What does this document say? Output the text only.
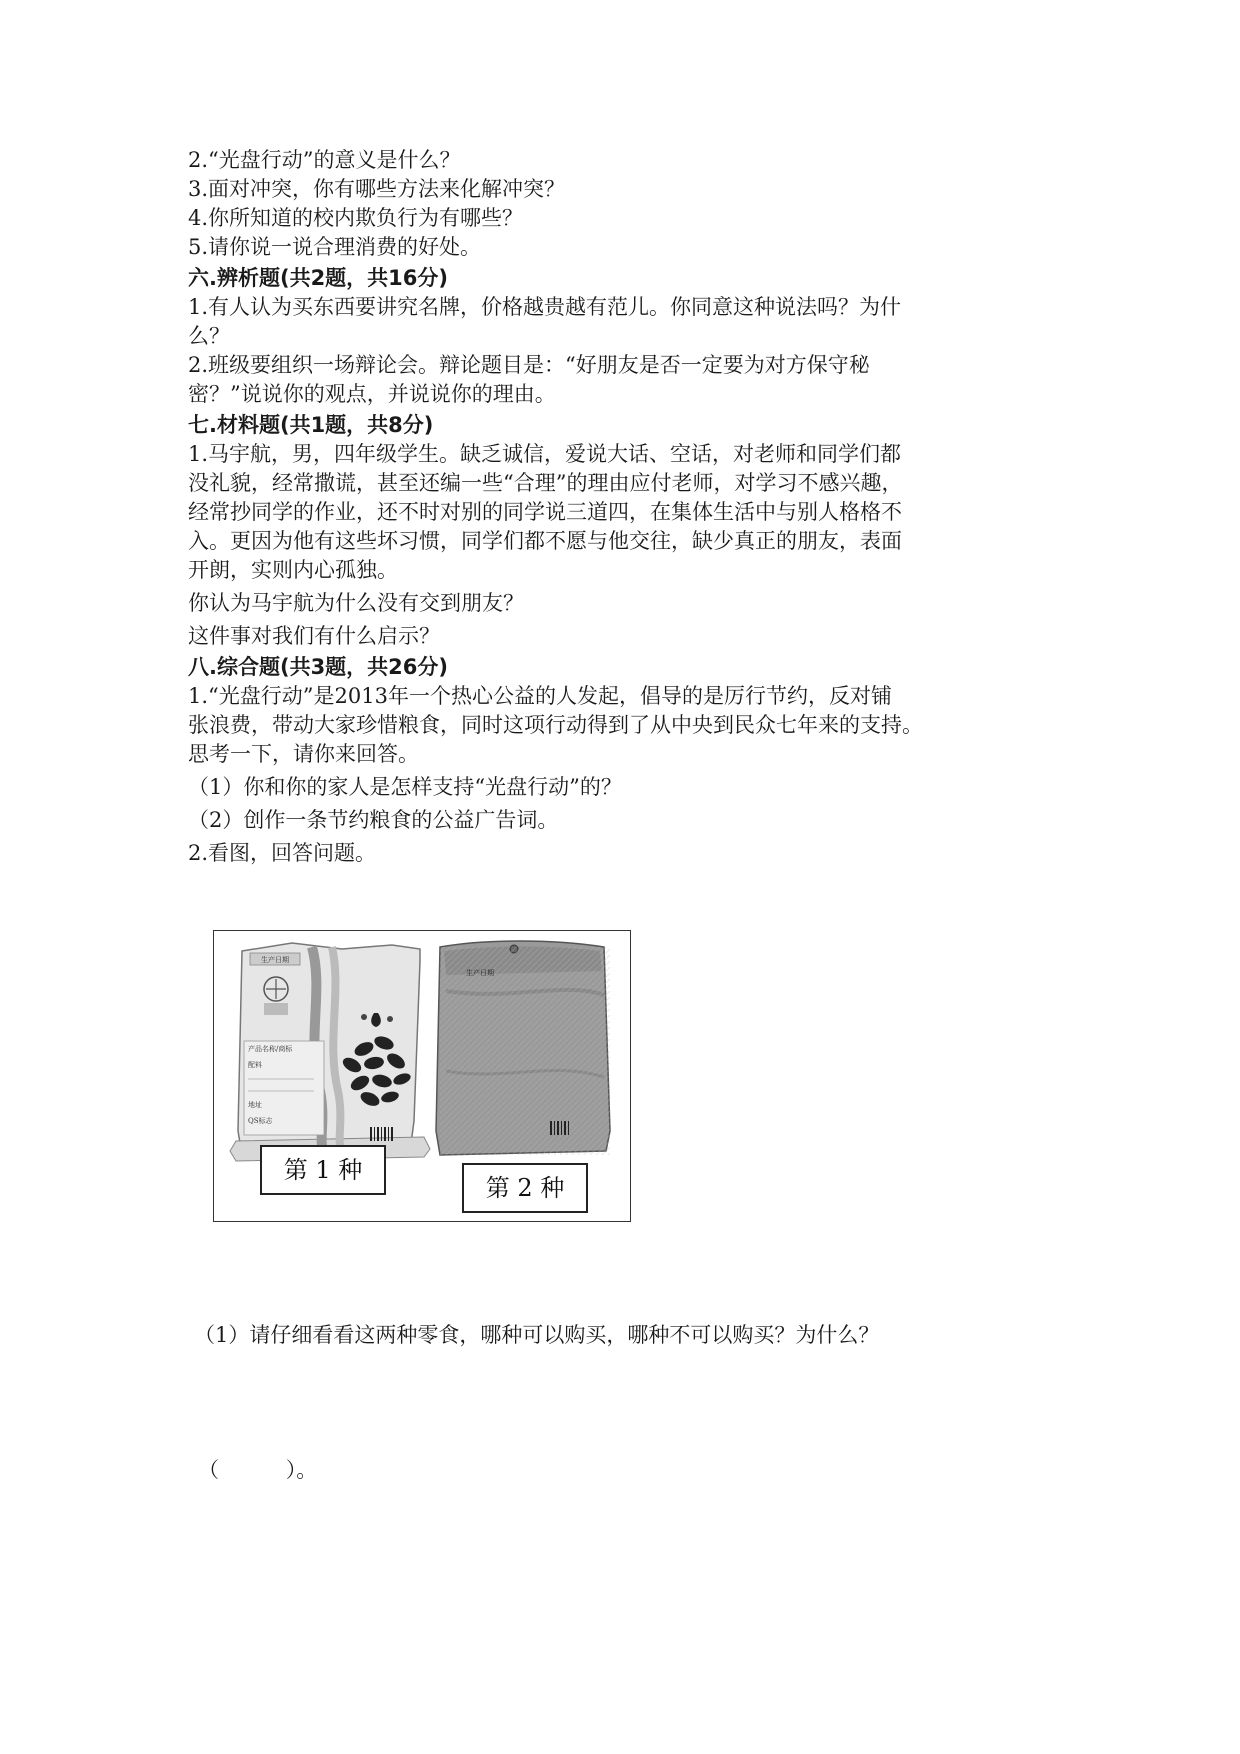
2.“光盘行动”的意义是什么？

3.面对冲突，你有哪些方法来化解冲突？

4.你所知道的校内欺负行为有哪些？

5.请你说一说合理消费的好处。

六.辨析题(共2题，共16分)

1.有人认为买东西要讲究名牌，价格越贵越有范儿。你同意这种说法吗？为什

么？

2.班级要组织一场辩论会。辩论题目是：“好朋友是否一定要为对方保守秘

密？”说说你的观点，并说说你的理由。

七.材料题(共1题，共8分)

1.马宇航，男，四年级学生。缺乏诚信，爱说大话、空话，对老师和同学们都

没礼貌，经常撒谎，甚至还编一些“合理”的理由应付老师，对学习不感兴趣，

经常抄同学的作业，还不时对别的同学说三道四，在集体生活中与别人格格不

入。更因为他有这些坏习惯，同学们都不愿与他交往，缺少真正的朋友，表面

开朗，实则内心孤独。

你认为马宇航为什么没有交到朋友？

这件事对我们有什么启示？

八.综合题(共3题，共26分)

1.“光盘行动”是2013年一个热心公益的人发起，倡导的是厉行节约，反对铺

张浪费，带动大家珍惜粮食，同时这项行动得到了从中央到民众七年来的支持。

思考一下，请你来回答。

（1）你和你的家人是怎样支持“光盘行动”的？

（2）创作一条节约粮食的公益广告词。

2.看图，回答问题。

生产日期
产品名称/商标
配料
地址
QS标志
生产日期
第 1 种
第 2 种

（1）请仔细看看这两种零食，哪种可以购买，哪种不可以购买？为什么？

（          ）。
